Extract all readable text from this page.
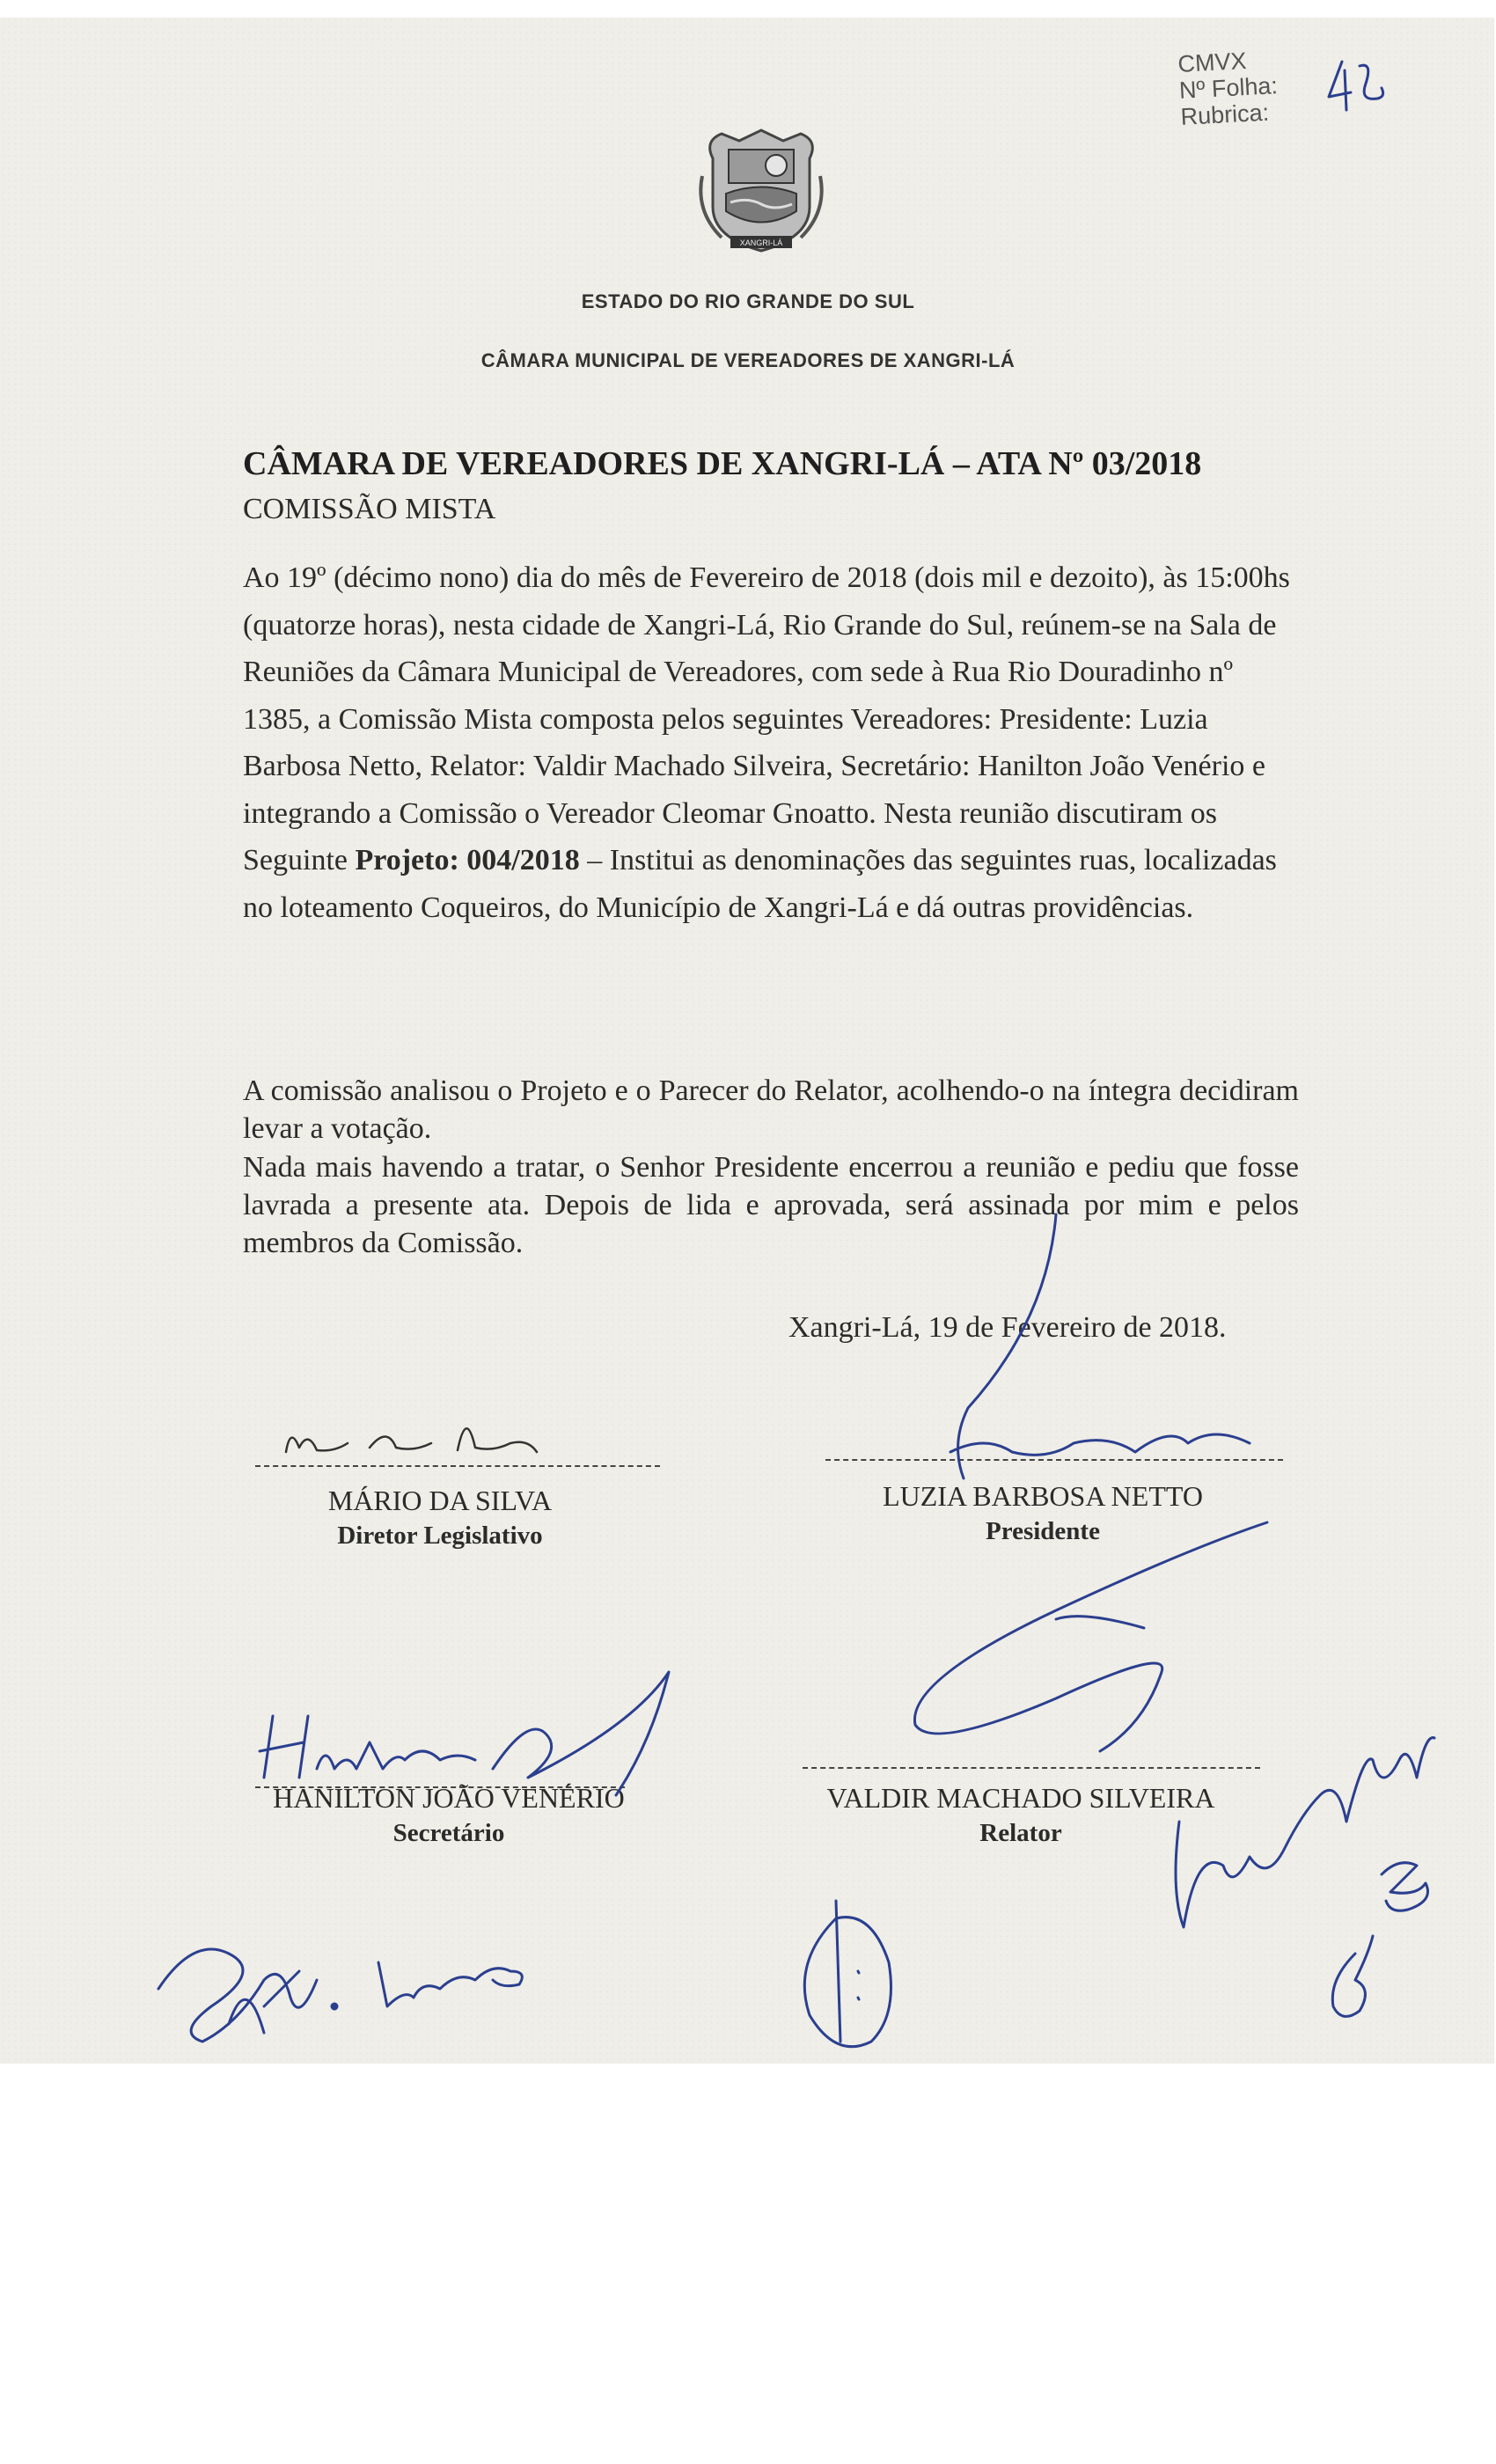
CMVX
Nº Folha:
Rubrica:
XANGRI-LÁ
ESTADO DO RIO GRANDE DO SUL
CÂMARA MUNICIPAL DE VEREADORES DE XANGRI-LÁ
CÂMARA DE VEREADORES DE XANGRI-LÁ – ATA Nº 03/2018
COMISSÃO MISTA

Ao 19º (décimo nono) dia do mês de Fevereiro de 2018 (dois mil e dezoito), às 15:00hs (quatorze horas), nesta cidade de Xangri-Lá, Rio Grande do Sul, reúnem-se na Sala de Reuniões da Câmara Municipal de Vereadores, com sede à Rua Rio Douradinho nº 1385, a Comissão Mista composta pelos seguintes Vereadores: Presidente: Luzia Barbosa Netto, Relator: Valdir Machado Silveira, Secretário: Hanilton João Venério e integrando a Comissão o Vereador Cleomar Gnoatto. Nesta reunião discutiram os Seguinte Projeto: 004/2018 – Institui as denominações das seguintes ruas, localizadas no loteamento Coqueiros, do Município de Xangri-Lá e dá outras providências.

A comissão analisou o Projeto e o Parecer do Relator, acolhendo-o na íntegra decidiram levar a votação.
Nada mais havendo a tratar, o Senhor Presidente encerrou a reunião e pediu que fosse lavrada a presente ata. Depois de lida e aprovada, será assinada por mim e pelos membros da Comissão.
Xangri-Lá, 19 de Fevereiro de 2018.
MÁRIO DA SILVA
Diretor Legislativo
LUZIA BARBOSA NETTO
Presidente
HANILTON JOÃO VENÉRIO
Secretário
VALDIR MACHADO SILVEIRA
Relator
